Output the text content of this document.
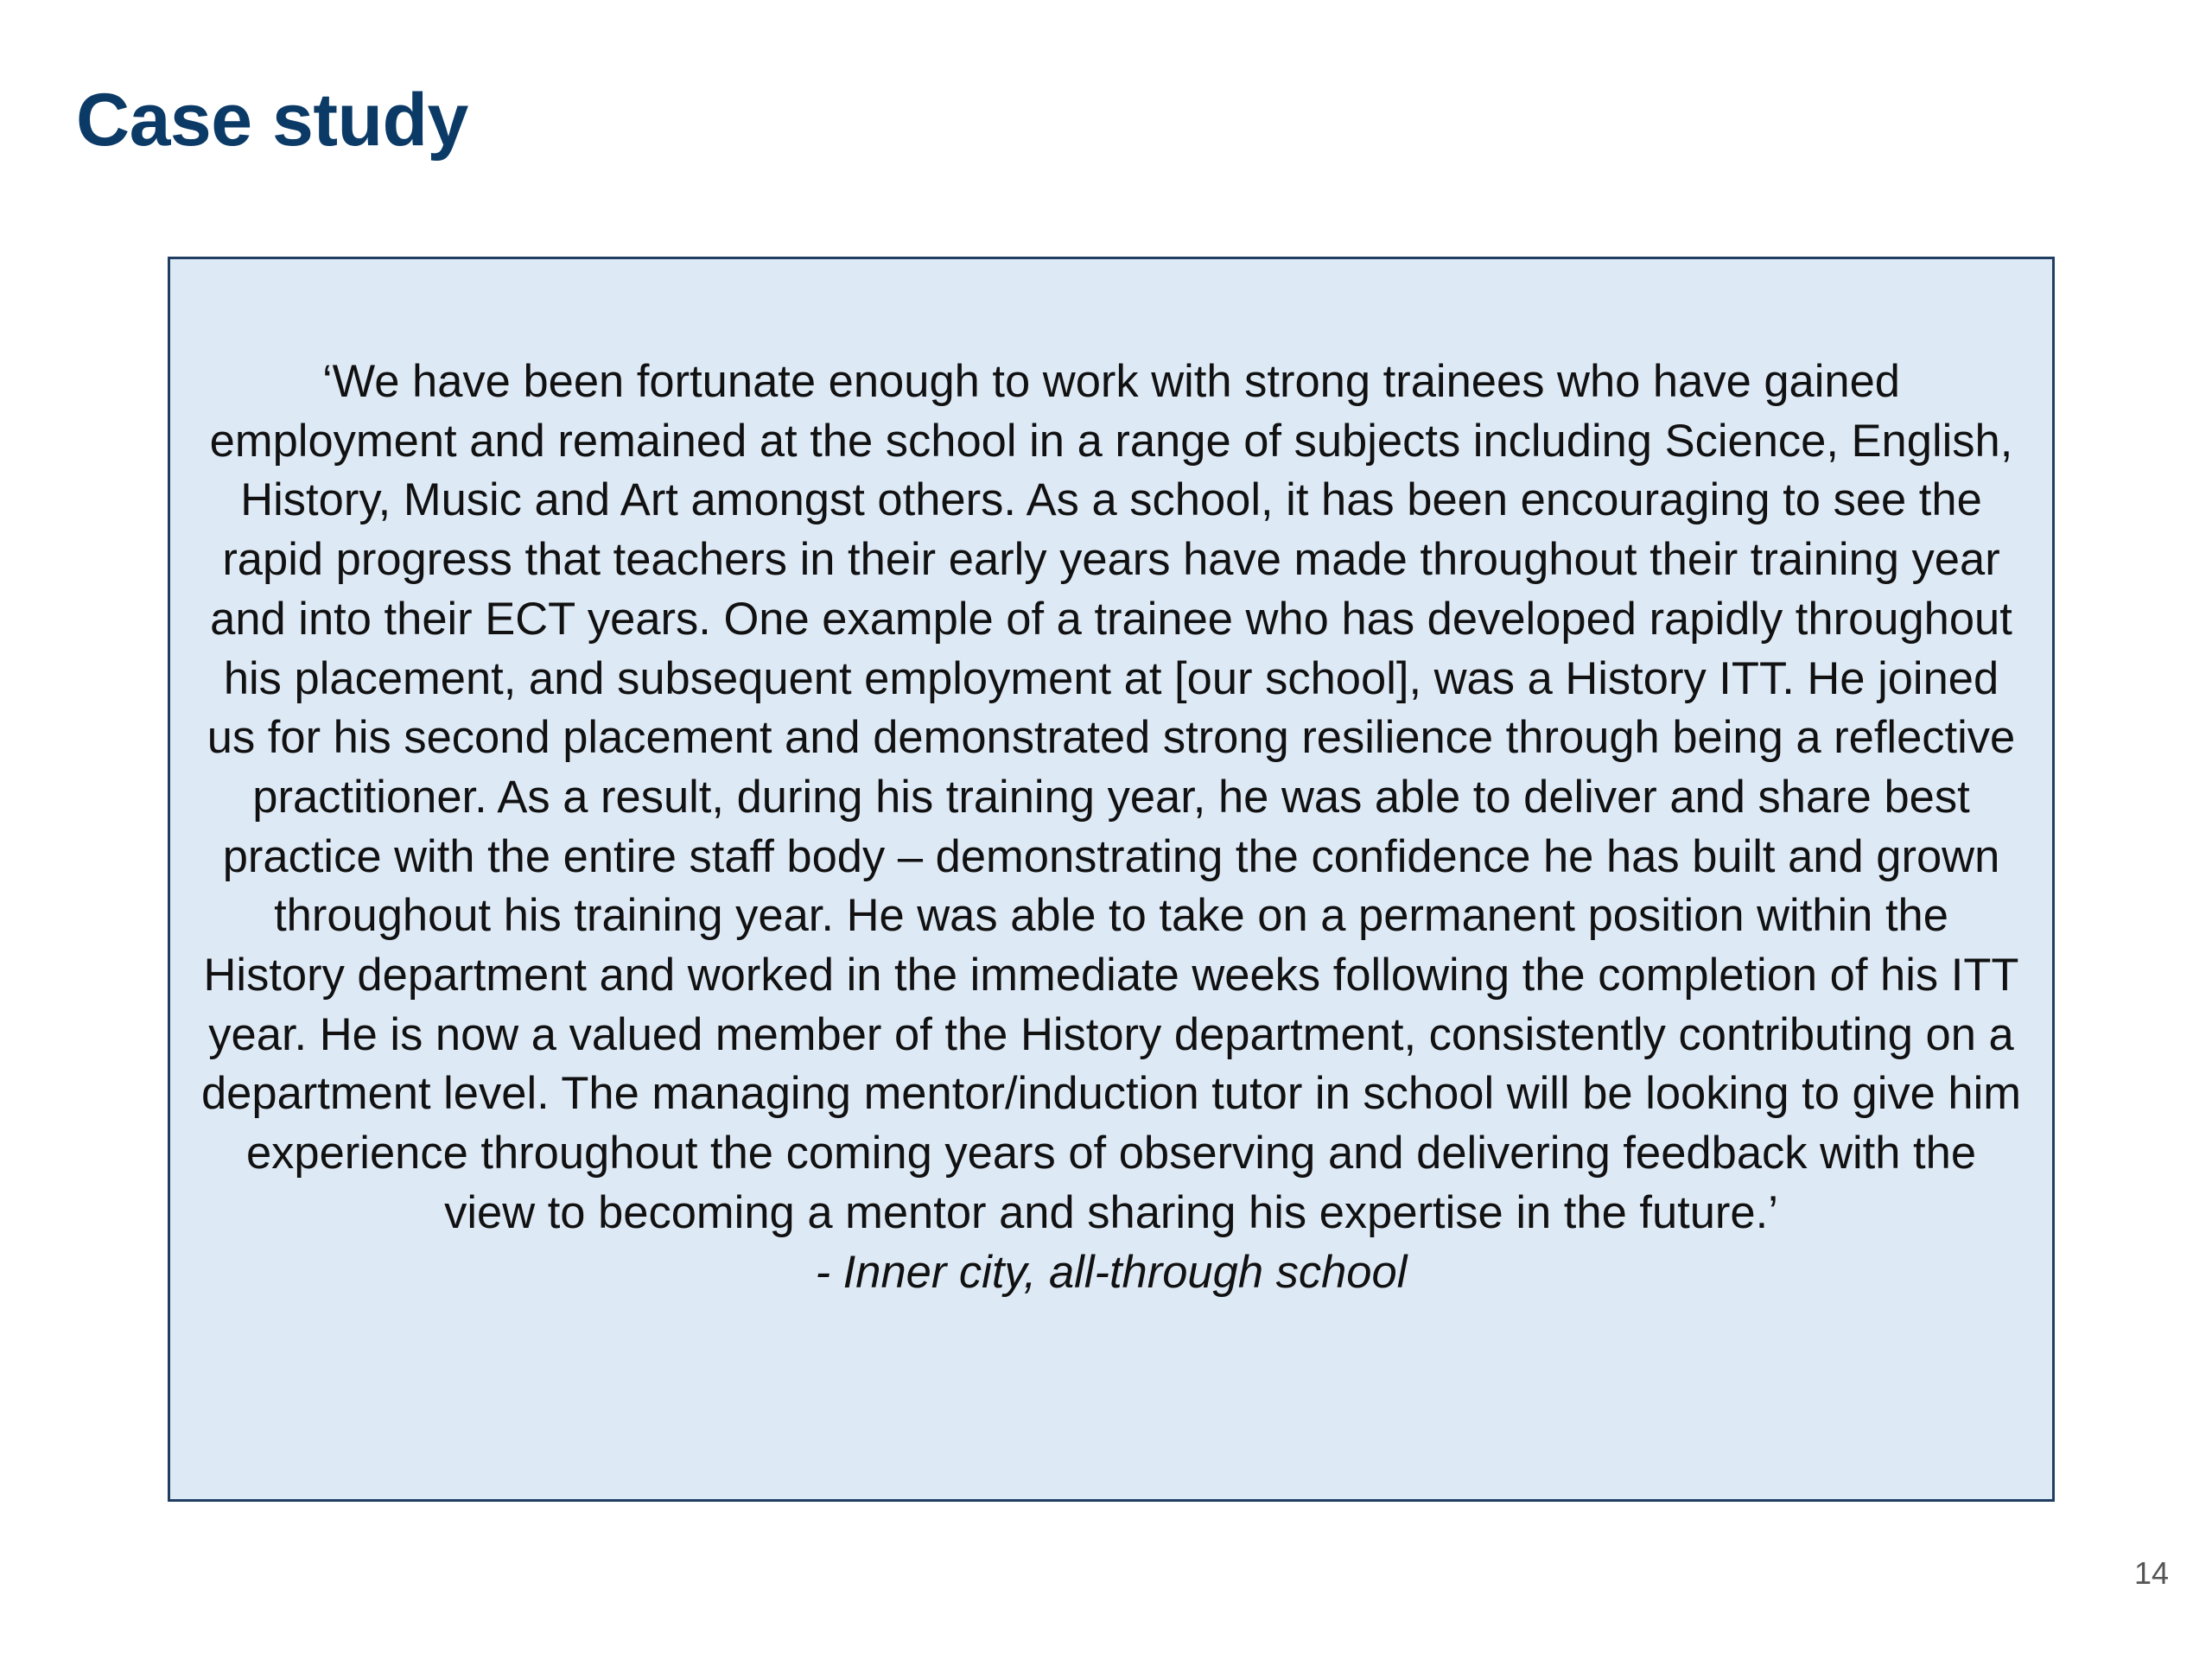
Case study

‘We have been fortunate enough to work with strong trainees who have gained employment and remained at the school in a range of subjects including Science, English, History, Music and Art amongst others. As a school, it has been encouraging to see the rapid progress that teachers in their early years have made throughout their training year and into their ECT years. One example of a trainee who has developed rapidly throughout his placement, and subsequent employment at [our school], was a History ITT. He joined us for his second placement and demonstrated strong resilience through being a reflective practitioner. As a result, during his training year, he was able to deliver and share best practice with the entire staff body – demonstrating the confidence he has built and grown throughout his training year. He was able to take on a permanent position within the History department and worked in the immediate weeks following the completion of his ITT year. He is now a valued member of the History department, consistently contributing on a department level. The managing mentor/induction tutor in school will be looking to give him experience throughout the coming years of observing and delivering feedback with the view to becoming a mentor and sharing his expertise in the future.’

- Inner city, all-through school

14
